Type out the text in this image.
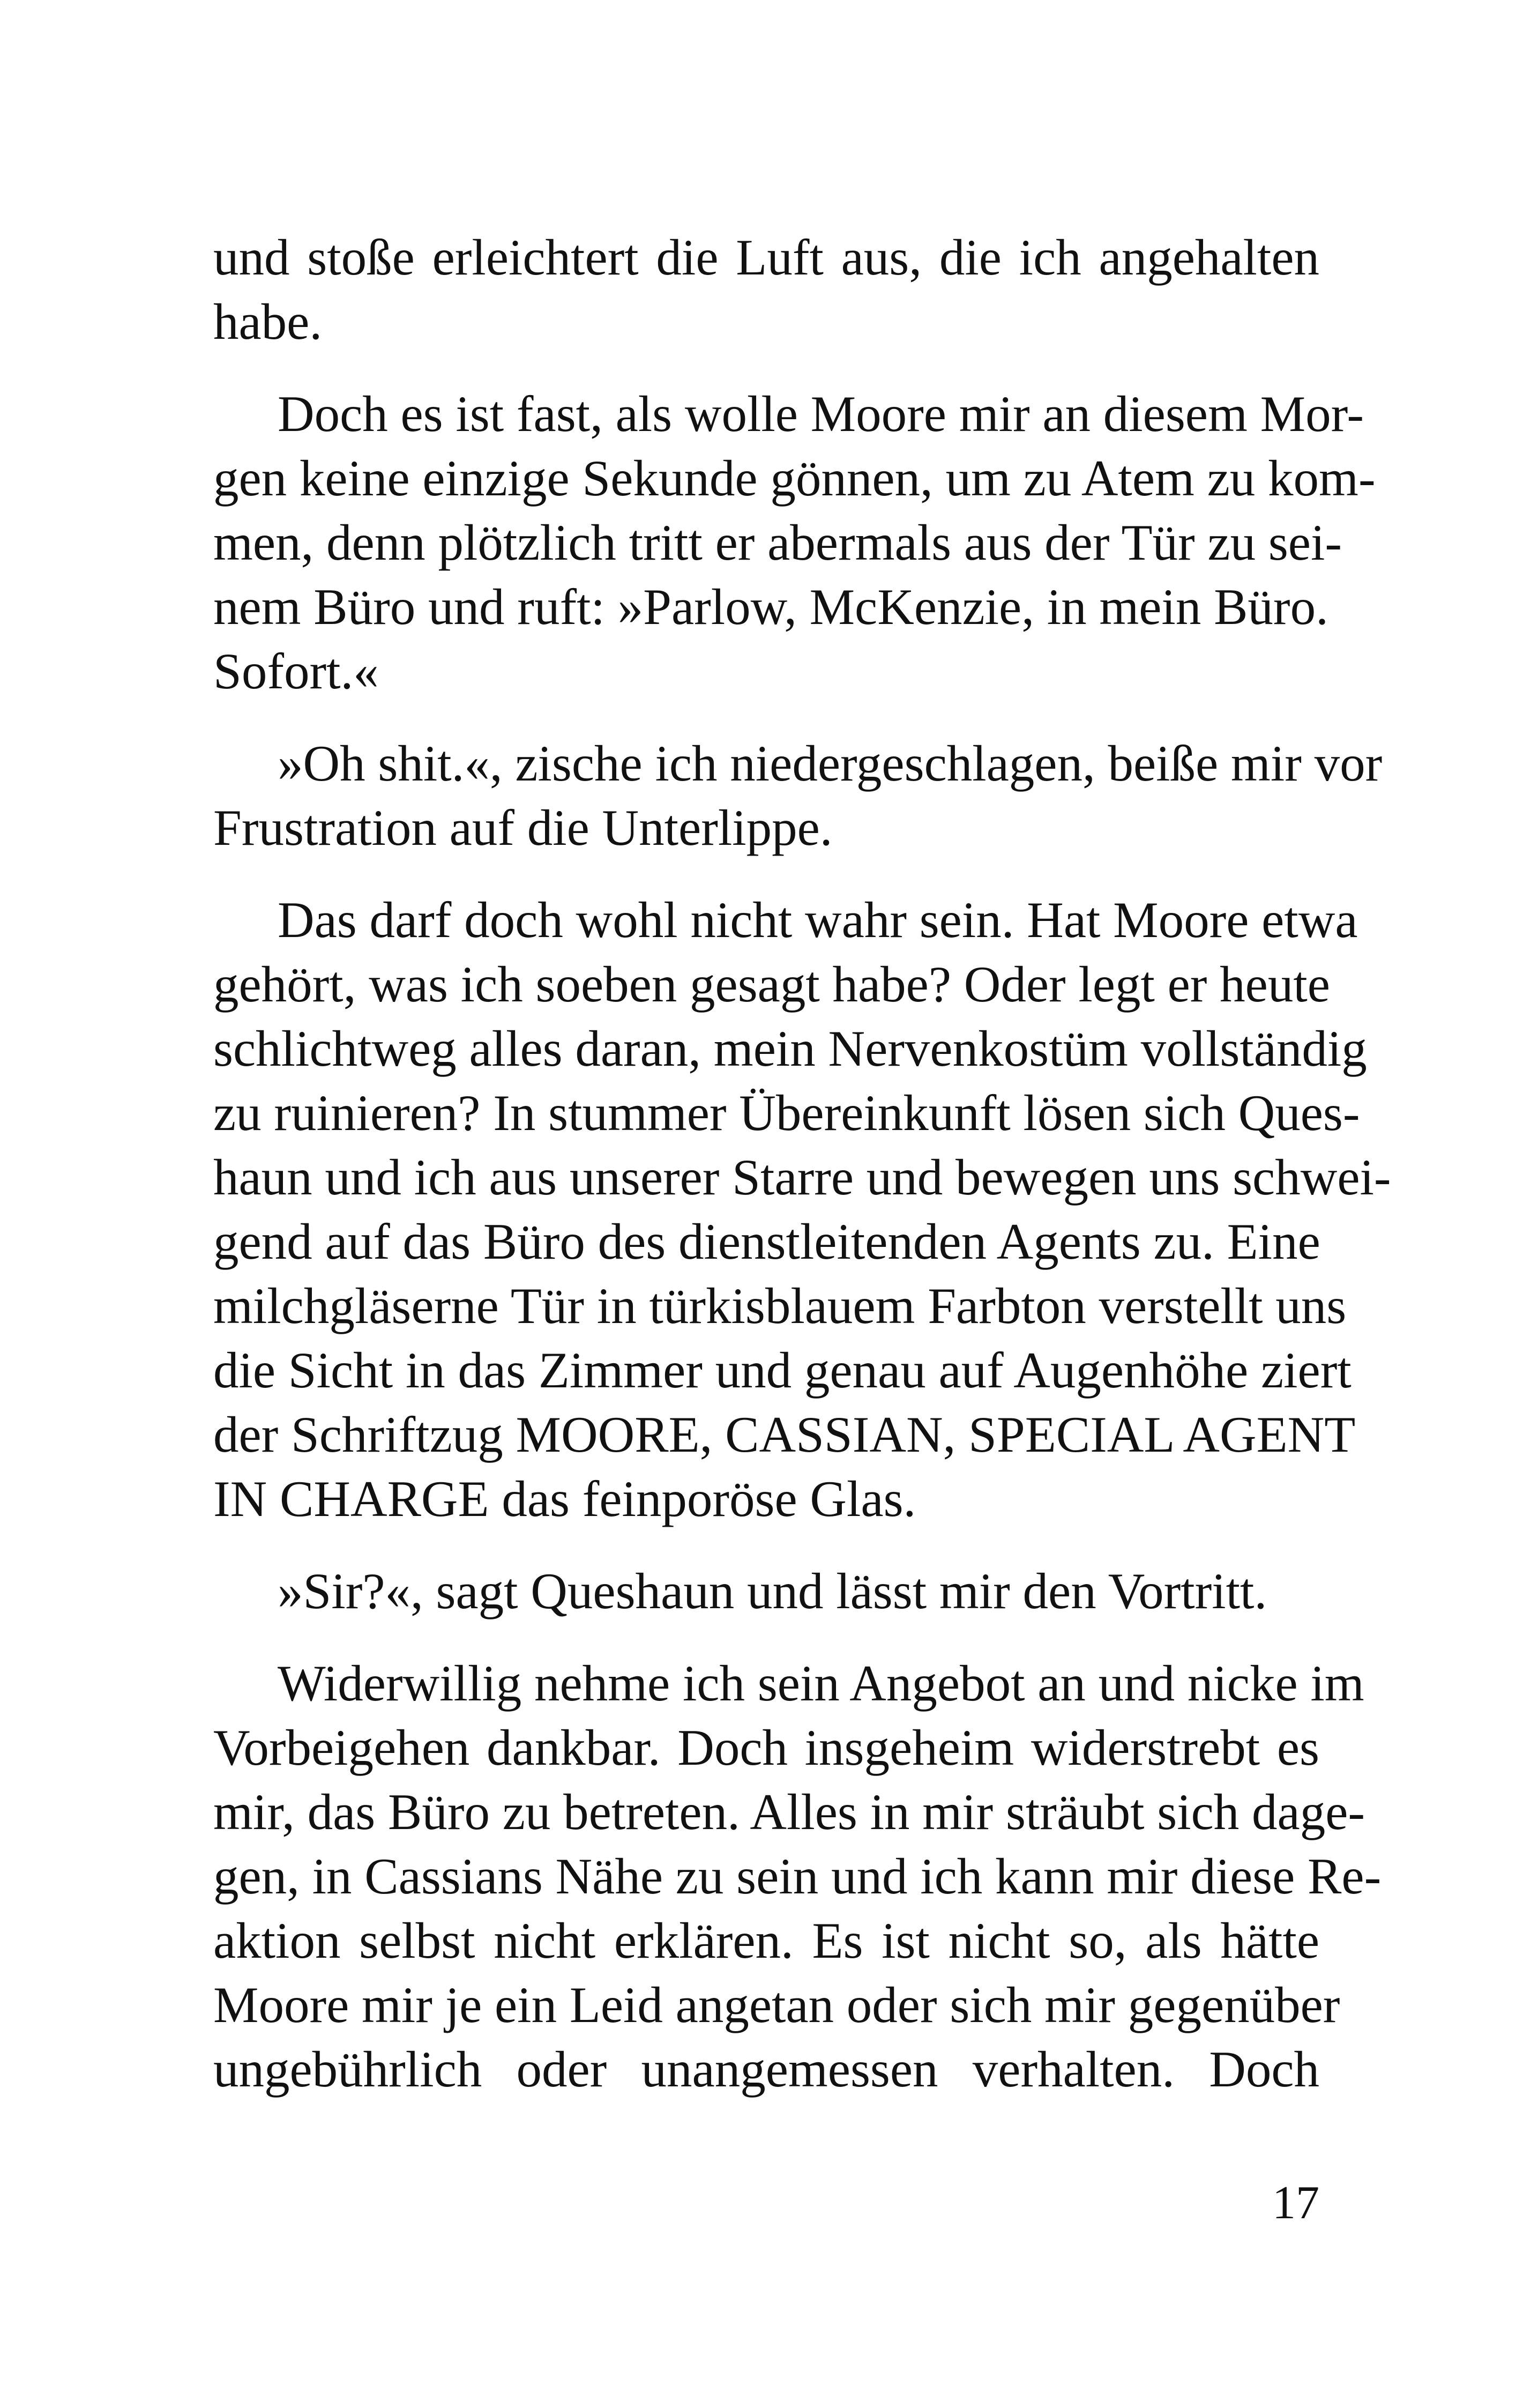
und stoße erleichtert die Luft aus, die ich angehalten
habe.
Doch es ist fast, als wolle Moore mir an diesem Mor-
gen keine einzige Sekunde gönnen, um zu Atem zu kom-
men, denn plötzlich tritt er abermals aus der Tür zu sei-
nem Büro und ruft: »Parlow, McKenzie, in mein Büro.
Sofort.«
»Oh shit.«, zische ich niedergeschlagen, beiße mir vor
Frustration auf die Unterlippe.
Das darf doch wohl nicht wahr sein. Hat Moore etwa
gehört, was ich soeben gesagt habe? Oder legt er heute
schlichtweg alles daran, mein Nervenkostüm vollständig
zu ruinieren? In stummer Übereinkunft lösen sich Ques-
haun und ich aus unserer Starre und bewegen uns schwei-
gend auf das Büro des dienstleitenden Agents zu. Eine
milchgläserne Tür in türkisblauem Farbton verstellt uns
die Sicht in das Zimmer und genau auf Augenhöhe ziert
der Schriftzug MOORE, CASSIAN, SPECIAL AGENT
IN CHARGE das feinporöse Glas.
»Sir?«, sagt Queshaun und lässt mir den Vortritt.
Widerwillig nehme ich sein Angebot an und nicke im
Vorbeigehen dankbar. Doch insgeheim widerstrebt es
mir, das Büro zu betreten. Alles in mir sträubt sich dage-
gen, in Cassians Nähe zu sein und ich kann mir diese Re-
aktion selbst nicht erklären. Es ist nicht so, als hätte
Moore mir je ein Leid angetan oder sich mir gegenüber
ungebührlich oder unangemessen verhalten. Doch
17
